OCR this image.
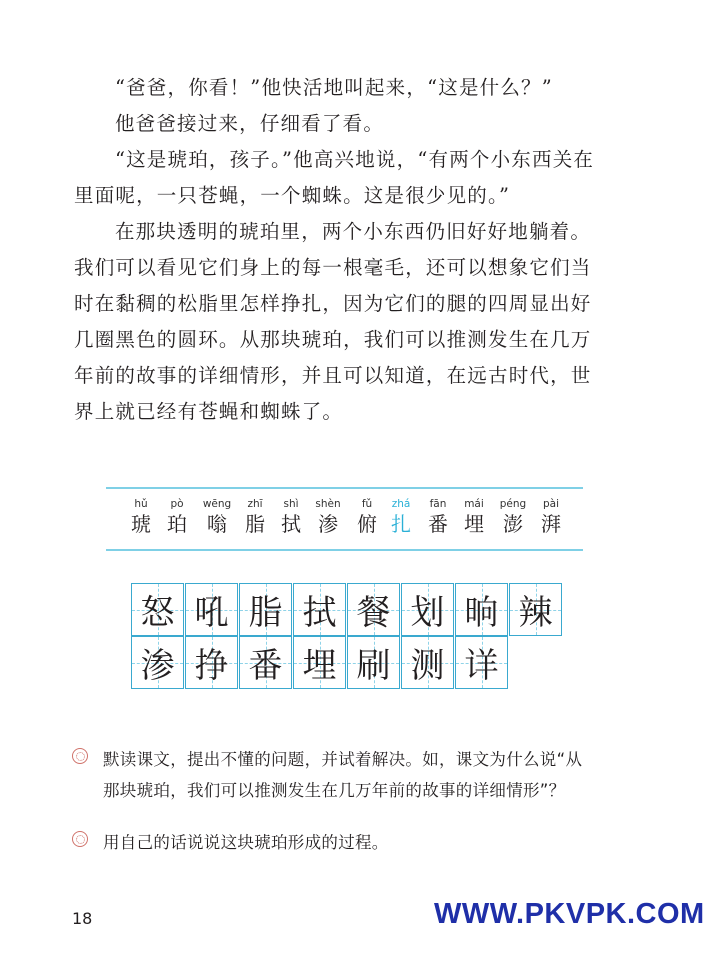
“爸爸，你看！”他快活地叫起来，“这是什么？”

他爸爸接过来，仔细看了看。

“这是琥珀，孩子。”他高兴地说，“有两个小东西关在

里面呢，一只苍蝇，一个蜘蛛。这是很少见的。”

在那块透明的琥珀里，两个小东西仍旧好好地躺着。

我们可以看见它们身上的每一根毫毛，还可以想象它们当

时在黏稠的松脂里怎样挣扎，因为它们的腿的四周显出好

几圈黑色的圆环。从那块琥珀，我们可以推测发生在几万

年前的故事的详细情形，并且可以知道，在远古时代，世

界上就已经有苍蝇和蜘蛛了。

hǔ
琥
pò
珀
wēng
嗡
zhī
脂
shì
拭
shèn
渗
fǔ
俯
zhá
扎
fān
番
mái
埋
péng
澎
pài
湃
怒 吼 脂 拭 餐 划 晌 辣
渗 挣 番 埋 刷 测 详
默读课文，提出不懂的问题，并试着解决。如，课文为什么说“从
那块琥珀，我们可以推测发生在几万年前的故事的详细情形”？
用自己的话说说这块琥珀形成的过程。
18	WWW.PKVPK.COM
